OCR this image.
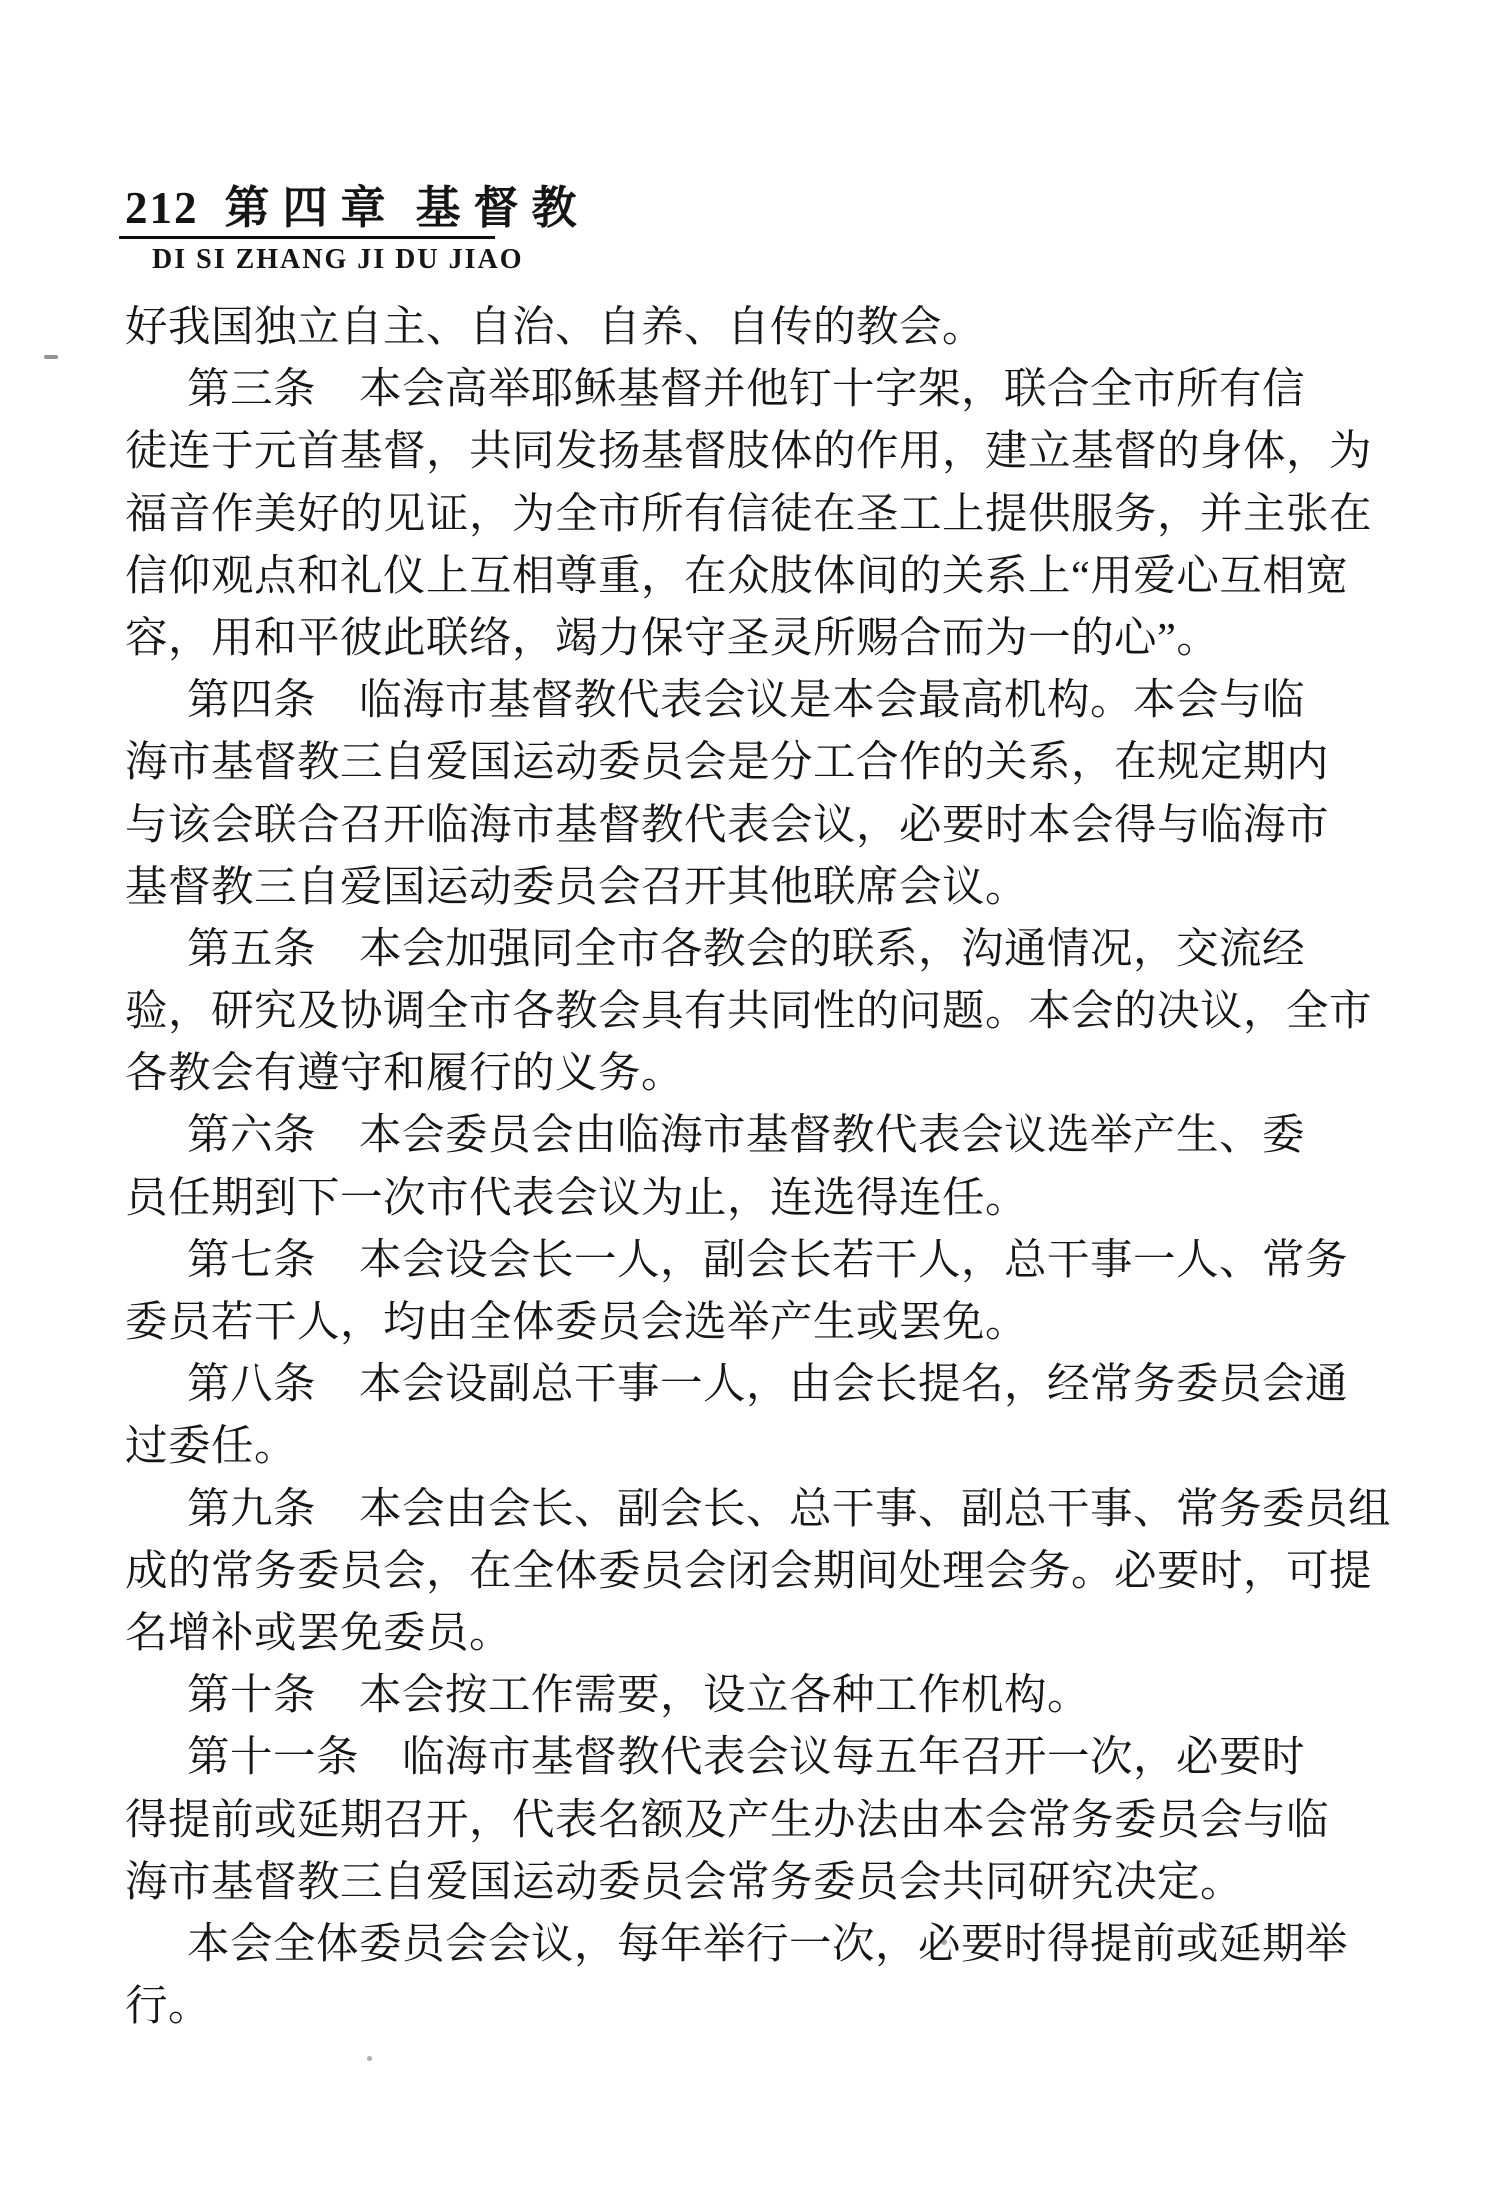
212 第四章 基督教
DI SI ZHANG JI DU JIAO
好我国独立自主、自治、自养、自传的教会。
第三条　本会高举耶稣基督并他钉十字架，联合全市所有信
徒连于元首基督，共同发扬基督肢体的作用，建立基督的身体，为
福音作美好的见证，为全市所有信徒在圣工上提供服务，并主张在
信仰观点和礼仪上互相尊重，在众肢体间的关系上“用爱心互相宽
容，用和平彼此联络，竭力保守圣灵所赐合而为一的心”。
第四条　临海市基督教代表会议是本会最高机构。本会与临
海市基督教三自爱国运动委员会是分工合作的关系，在规定期内
与该会联合召开临海市基督教代表会议，必要时本会得与临海市
基督教三自爱国运动委员会召开其他联席会议。
第五条　本会加强同全市各教会的联系，沟通情况，交流经
验，研究及协调全市各教会具有共同性的问题。本会的决议，全市
各教会有遵守和履行的义务。
第六条　本会委员会由临海市基督教代表会议选举产生、委
员任期到下一次市代表会议为止，连选得连任。
第七条　本会设会长一人，副会长若干人，总干事一人、常务
委员若干人，均由全体委员会选举产生或罢免。
第八条　本会设副总干事一人，由会长提名，经常务委员会通
过委任。
第九条　本会由会长、副会长、总干事、副总干事、常务委员组
成的常务委员会，在全体委员会闭会期间处理会务。必要时，可提
名增补或罢免委员。
第十条　本会按工作需要，设立各种工作机构。
第十一条　临海市基督教代表会议每五年召开一次，必要时
得提前或延期召开，代表名额及产生办法由本会常务委员会与临
海市基督教三自爱国运动委员会常务委员会共同研究决定。
本会全体委员会会议，每年举行一次，必要时得提前或延期举
行。
